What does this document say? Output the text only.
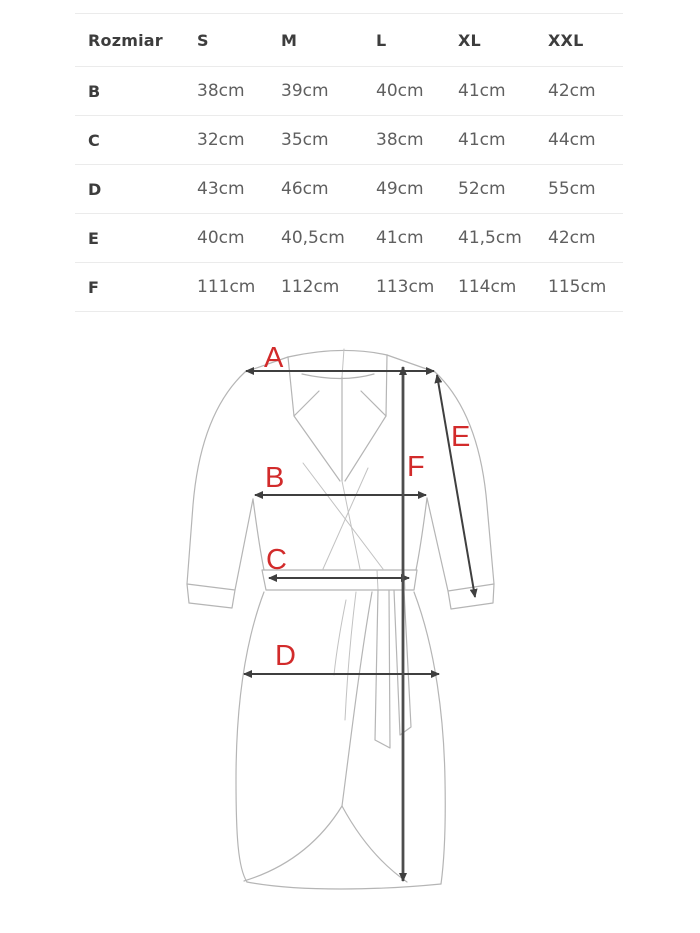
Rozmiar	S	M	L	XL	XXL
B	38cm	39cm	40cm	41cm	42cm
C	32cm	35cm	38cm	41cm	44cm
D	43cm	46cm	49cm	52cm	55cm
E	40cm	40,5cm	41cm	41,5cm	42cm
F	111cm	112cm	113cm	114cm	115cm
A
B
C
D
E
F
